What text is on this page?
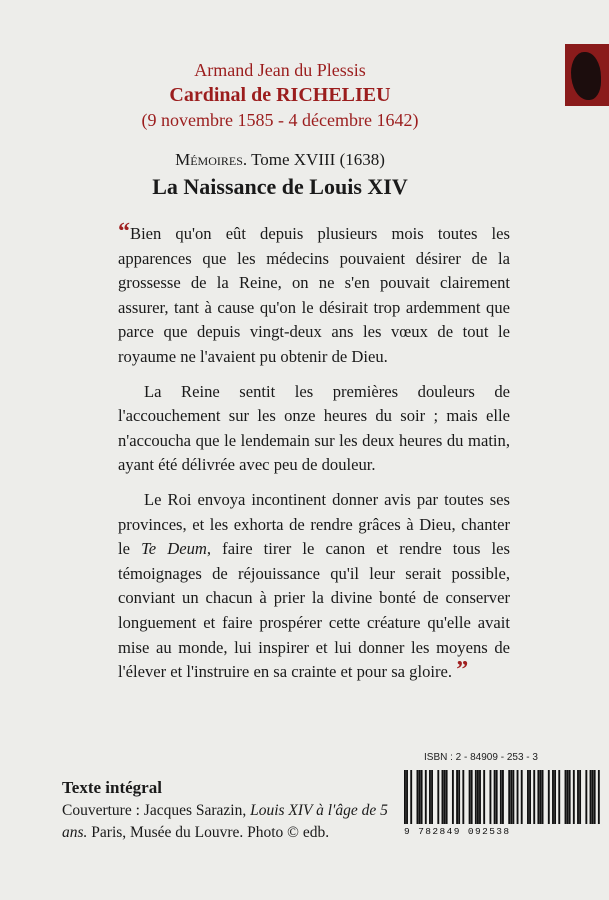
Armand Jean du Plessis
Cardinal de RICHELIEU
(9 novembre 1585 - 4 décembre 1642)
Mémoires. Tome XVIII (1638)
La Naissance de Louis XIV

“Bien qu'on eût depuis plusieurs mois toutes les apparences que les médecins pouvaient désirer de la grossesse de la Reine, on ne s'en pouvait clairement assurer, tant à cause qu'on le désirait trop ardemment que parce que depuis vingt-deux ans les vœux de tout le royaume ne l'avaient pu obtenir de Dieu.

La Reine sentit les premières douleurs de l'accouchement sur les onze heures du soir ; mais elle n'accoucha que le lendemain sur les deux heures du matin, ayant été délivrée avec peu de douleur.

Le Roi envoya incontinent donner avis par toutes ses provinces, et les exhorta de rendre grâces à Dieu, chanter le Te Deum, faire tirer le canon et rendre tous les témoignages de réjouissance qu'il leur serait possible, conviant un chacun à prier la divine bonté de conserver longuement et faire prospérer cette créature qu'elle avait mise au monde, lui inspirer et lui donner les moyens de l'élever et l'instruire en sa crainte et pour sa gloire. ”

Texte intégral
Couverture : Jacques Sarazin, Louis XIV à l'âge de 5 ans. Paris, Musée du Louvre. Photo © edb.
ISBN : 2 - 84909 - 253 - 3
9 782849 092538
